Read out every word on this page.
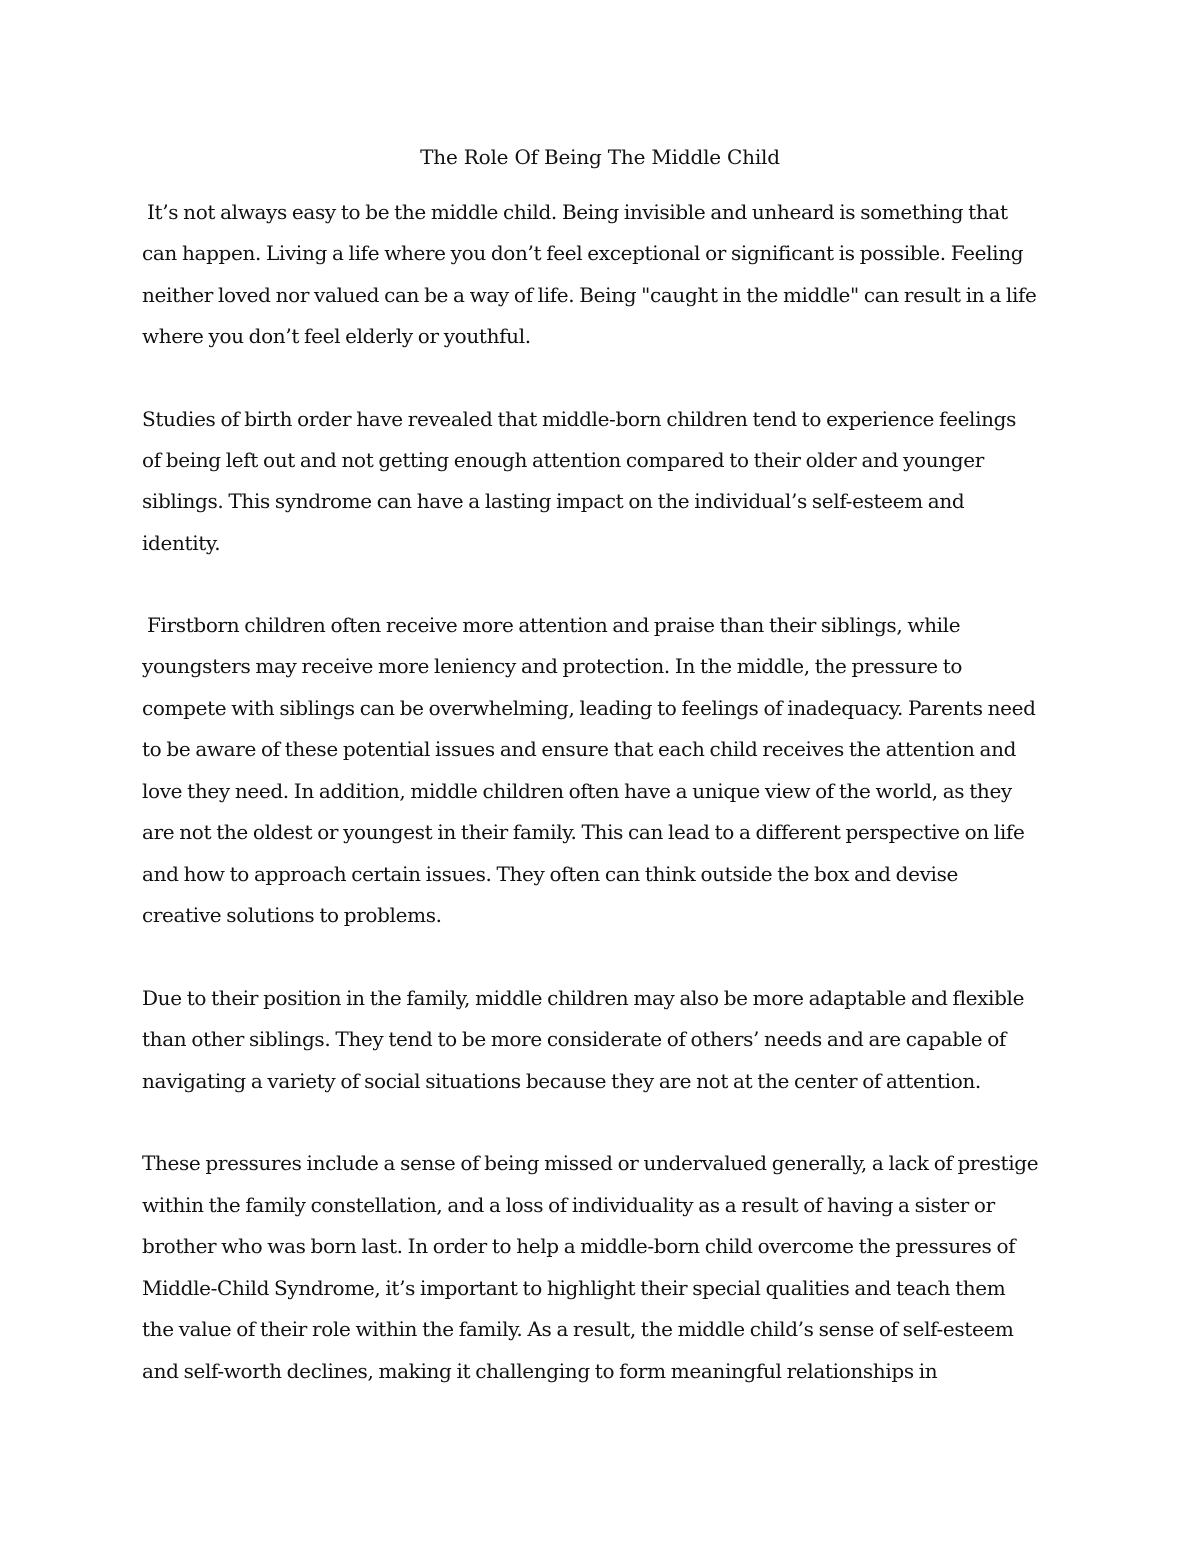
The Role Of Being The Middle Child
It’s not always easy to be the middle child. Being invisible and unheard is something that
can happen. Living a life where you don’t feel exceptional or significant is possible. Feeling
neither loved nor valued can be a way of life. Being "caught in the middle" can result in a life
where you don’t feel elderly or youthful.
Studies of birth order have revealed that middle-born children tend to experience feelings
of being left out and not getting enough attention compared to their older and younger
siblings. This syndrome can have a lasting impact on the individual’s self-esteem and
identity.
Firstborn children often receive more attention and praise than their siblings, while
youngsters may receive more leniency and protection. In the middle, the pressure to
compete with siblings can be overwhelming, leading to feelings of inadequacy. Parents need
to be aware of these potential issues and ensure that each child receives the attention and
love they need. In addition, middle children often have a unique view of the world, as they
are not the oldest or youngest in their family. This can lead to a different perspective on life
and how to approach certain issues. They often can think outside the box and devise
creative solutions to problems.
Due to their position in the family, middle children may also be more adaptable and flexible
than other siblings. They tend to be more considerate of others’ needs and are capable of
navigating a variety of social situations because they are not at the center of attention.
These pressures include a sense of being missed or undervalued generally, a lack of prestige
within the family constellation, and a loss of individuality as a result of having a sister or
brother who was born last. In order to help a middle-born child overcome the pressures of
Middle-Child Syndrome, it’s important to highlight their special qualities and teach them
the value of their role within the family. As a result, the middle child’s sense of self-esteem
and self-worth declines, making it challenging to form meaningful relationships in
